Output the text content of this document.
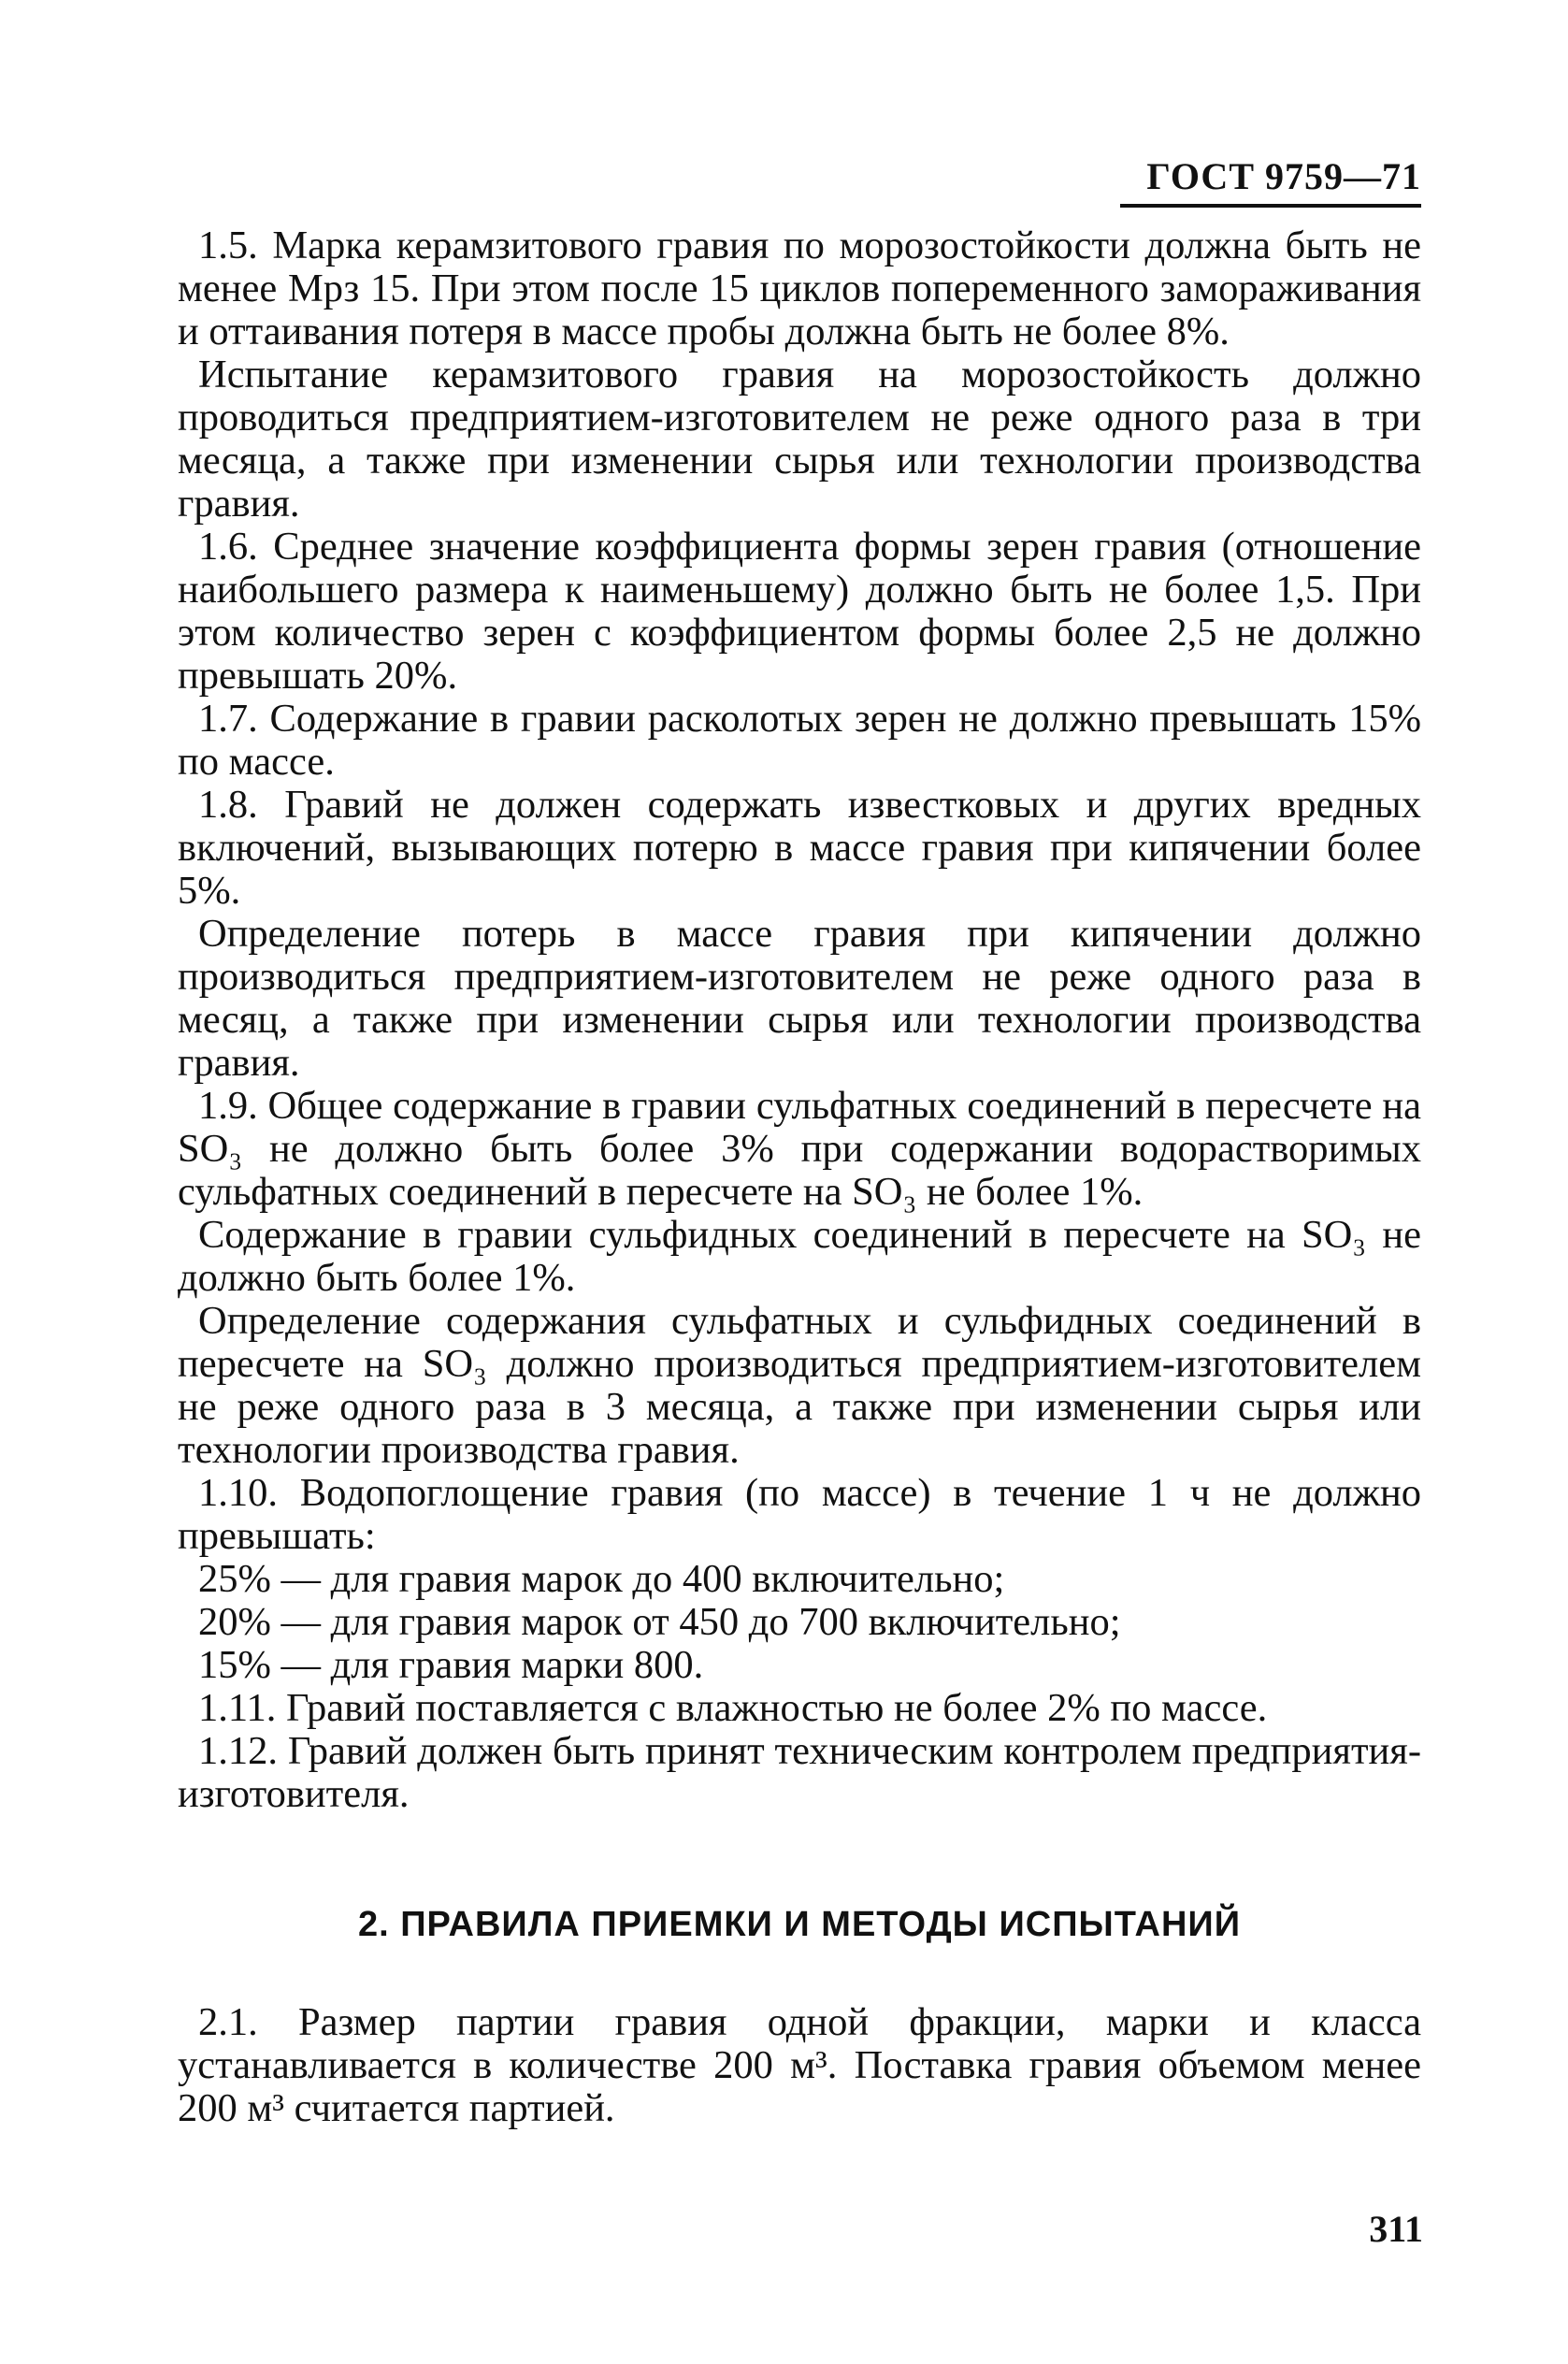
ГОСТ 9759—71

1.5. Марка керамзитового гравия по морозостойкости должна быть не менее Мрз 15. При этом после 15 циклов попеременного замораживания и оттаивания потеря в массе пробы должна быть не более 8%.

Испытание керамзитового гравия на морозостойкость должно проводиться предприятием-изготовителем не реже одного раза в три месяца, а также при изменении сырья или технологии производства гравия.

1.6. Среднее значение коэффициента формы зерен гравия (отношение наибольшего размера к наименьшему) должно быть не более 1,5. При этом количество зерен с коэффициентом формы более 2,5 не должно превышать 20%.

1.7. Содержание в гравии расколотых зерен не должно превышать 15% по массе.

1.8. Гравий не должен содержать известковых и других вредных включений, вызывающих потерю в массе гравия при кипячении более 5%.

Определение потерь в массе гравия при кипячении должно производиться предприятием-изготовителем не реже одного раза в месяц, а также при изменении сырья или технологии производства гравия.

1.9. Общее содержание в гравии сульфатных соединений в пересчете на SO₃ не должно быть более 3% при содержании водорастворимых сульфатных соединений в пересчете на SO₃ не более 1%.

Содержание в гравии сульфидных соединений в пересчете на SO₃ не должно быть более 1%.

Определение содержания сульфатных и сульфидных соединений в пересчете на SO₃ должно производиться предприятием-изготовителем не реже одного раза в 3 месяца, а также при изменении сырья или технологии производства гравия.

1.10. Водопоглощение гравия (по массе) в течение 1 ч не должно превышать:

25% — для гравия марок до 400 включительно;

20% — для гравия марок от 450 до 700 включительно;

15% — для гравия марки 800.

1.11. Гравий поставляется с влажностью не более 2% по массе.

1.12. Гравий должен быть принят техническим контролем предприятия-изготовителя.

2. ПРАВИЛА ПРИЕМКИ И МЕТОДЫ ИСПЫТАНИЙ

2.1. Размер партии гравия одной фракции, марки и класса устанавливается в количестве 200 м³. Поставка гравия объемом менее 200 м³ считается партией.

311
